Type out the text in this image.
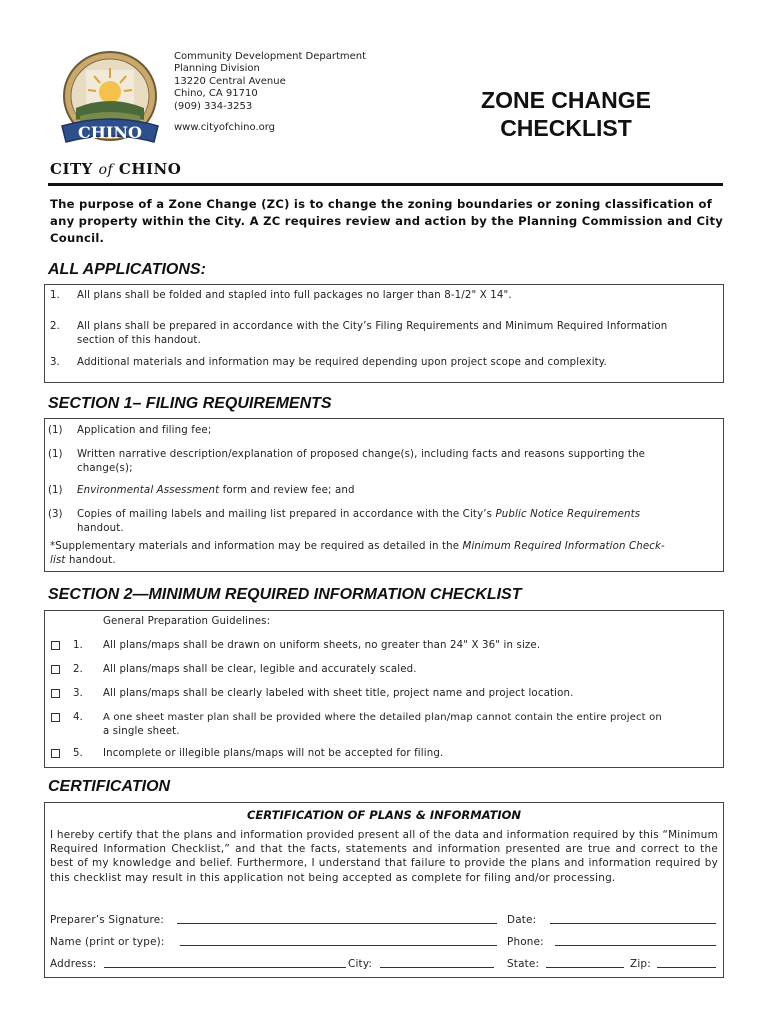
CHINO
Community Development Department
Planning Division
13220 Central Avenue
Chino, CA 91710
(909) 334-3253
www.cityofchino.org
ZONE CHANGE
CHECKLIST
CITY of CHINO
The purpose of a Zone Change (ZC) is to change the zoning boundaries or zoning classification of any property within the City. A ZC requires review and action by the Planning Commission and City Council.
ALL APPLICATIONS:
1. All plans shall be folded and stapled into full packages no larger than 8-1/2" X 14".
2. All plans shall be prepared in accordance with the City’s Filing Requirements and Minimum Required Information
section of this handout.
3. Additional materials and information may be required depending upon project scope and complexity.
SECTION 1– FILING REQUIREMENTS
(1) Application and filing fee;
(1) Written narrative description/explanation of proposed change(s), including facts and reasons supporting the
change(s);
(1) Environmental Assessment form and review fee; and
(3) Copies of mailing labels and mailing list prepared in accordance with the City’s Public Notice Requirements
handout.
*Supplementary materials and information may be required as detailed in the Minimum Required Information Check-
list handout.
SECTION 2—MINIMUM REQUIRED INFORMATION CHECKLIST
General Preparation Guidelines:
1. All plans/maps shall be drawn on uniform sheets, no greater than 24" X 36" in size.
2. All plans/maps shall be clear, legible and accurately scaled.
3. All plans/maps shall be clearly labeled with sheet title, project name and project location.
4. A one sheet master plan shall be provided where the detailed plan/map cannot contain the entire project on
a single sheet.
5. Incomplete or illegible plans/maps will not be accepted for filing.
CERTIFICATION
CERTIFICATION OF PLANS & INFORMATION
I hereby certify that the plans and information provided present all of the data and information required by this “Minimum Required Information Checklist,” and that the facts, statements and information presented are true and correct to the best of my knowledge and belief. Furthermore, I understand that failure to provide the plans and information required by this checklist may result in this application not being accepted as complete for filing and/or processing.
Preparer’s Signature:	Date:
Name (print or type):	Phone:
Address:	City:	State:	Zip:
